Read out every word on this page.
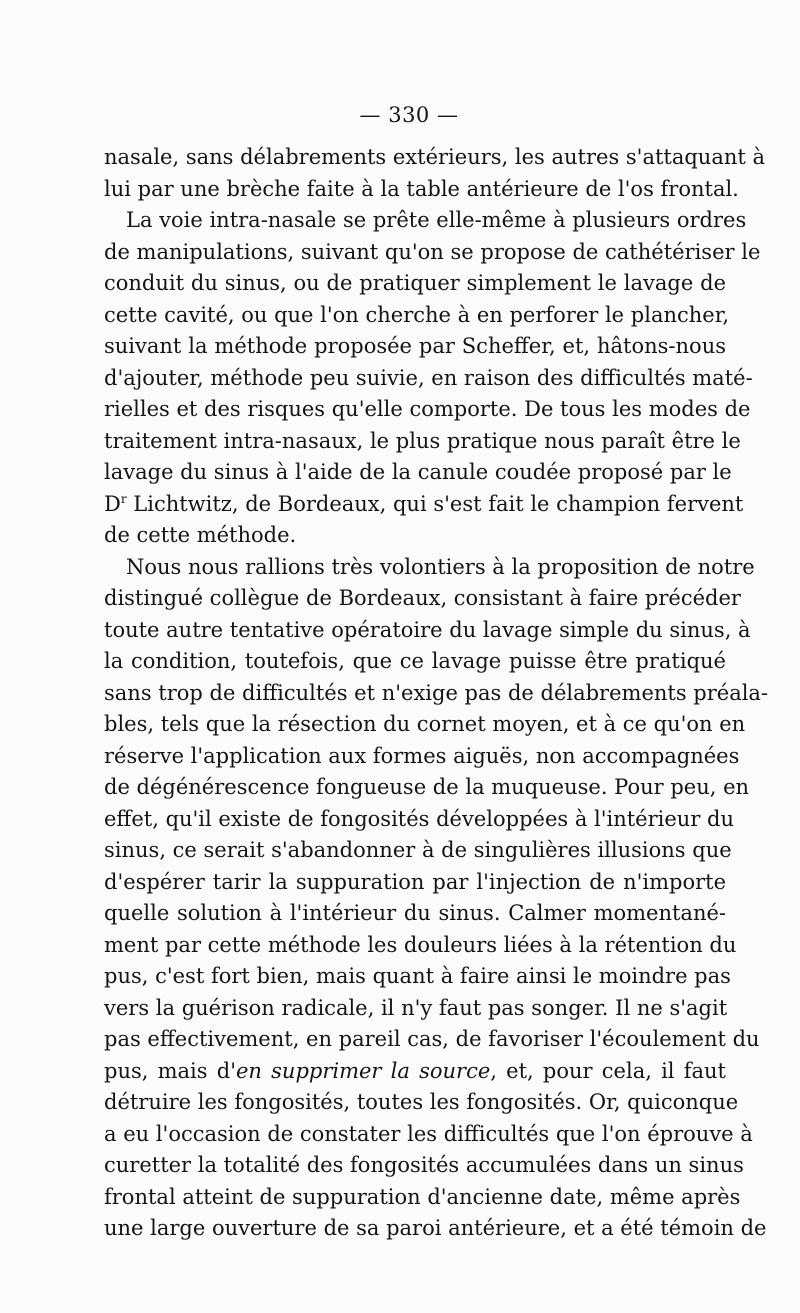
— 330 —
nasale, sans délabrements extérieurs, les autres s'attaquant à
lui par une brèche faite à la table antérieure de l'os frontal.
La voie intra-nasale se prête elle-même à plusieurs ordres
de manipulations, suivant qu'on se propose de cathétériser le
conduit du sinus, ou de pratiquer simplement le lavage de
cette cavité, ou que l'on cherche à en perforer le plancher,
suivant la méthode proposée par Scheffer, et, hâtons-nous
d'ajouter, méthode peu suivie, en raison des difficultés maté-
rielles et des risques qu'elle comporte. De tous les modes de
traitement intra-nasaux, le plus pratique nous paraît être le
lavage du sinus à l'aide de la canule coudée proposé par le
$D^r$ Lichtwitz, de Bordeaux, qui s'est fait le champion fervent
de cette méthode.
Nous nous rallions très volontiers à la proposition de notre
distingué collègue de Bordeaux, consistant à faire précéder
toute autre tentative opératoire du lavage simple du sinus, à
la condition, toutefois, que ce lavage puisse être pratiqué
sans trop de difficultés et n'exige pas de délabrements préala-
bles, tels que la résection du cornet moyen, et à ce qu'on en
réserve l'application aux formes aiguës, non accompagnées
de dégénérescence fongueuse de la muqueuse. Pour peu, en
effet, qu'il existe de fongosités développées à l'intérieur du
sinus, ce serait s'abandonner à de singulières illusions que
d'espérer tarir la suppuration par l'injection de n'importe
quelle solution à l'intérieur du sinus. Calmer momentané-
ment par cette méthode les douleurs liées à la rétention du
pus, c'est fort bien, mais quant à faire ainsi le moindre pas
vers la guérison radicale, il n'y faut pas songer. Il ne s'agit
pas effectivement, en pareil cas, de favoriser l'écoulement du
pus, mais d'en supprimer la source, et, pour cela, il faut
détruire les fongosités, toutes les fongosités. Or, quiconque
a eu l'occasion de constater les difficultés que l'on éprouve à
curetter la totalité des fongosités accumulées dans un sinus
frontal atteint de suppuration d'ancienne date, même après
une large ouverture de sa paroi antérieure, et a été témoin de
